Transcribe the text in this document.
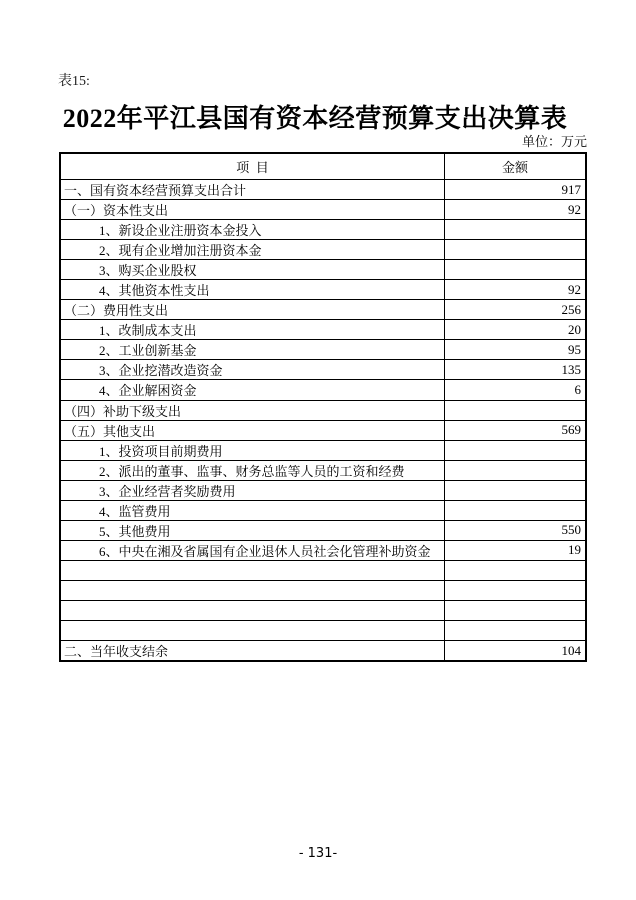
表15:
2022年平江县国有资本经营预算支出决算表
单位：万元
项  目	金额
一、国有资本经营预算支出合计	917
（一）资本性支出	92
1、新设企业注册资本金投入
2、现有企业增加注册资本金
3、购买企业股权
4、其他资本性支出	92
（二）费用性支出	256
1、改制成本支出	20
2、工业创新基金	95
3、企业挖潜改造资金	135
4、企业解困资金	6
（四）补助下级支出
（五）其他支出	569
1、投资项目前期费用
2、派出的董事、监事、财务总监等人员的工资和经费
3、企业经营者奖励费用
4、监管费用
5、其他费用	550
6、中央在湘及省属国有企业退休人员社会化管理补助资金	19
二、当年收支结余	104
- 131-
